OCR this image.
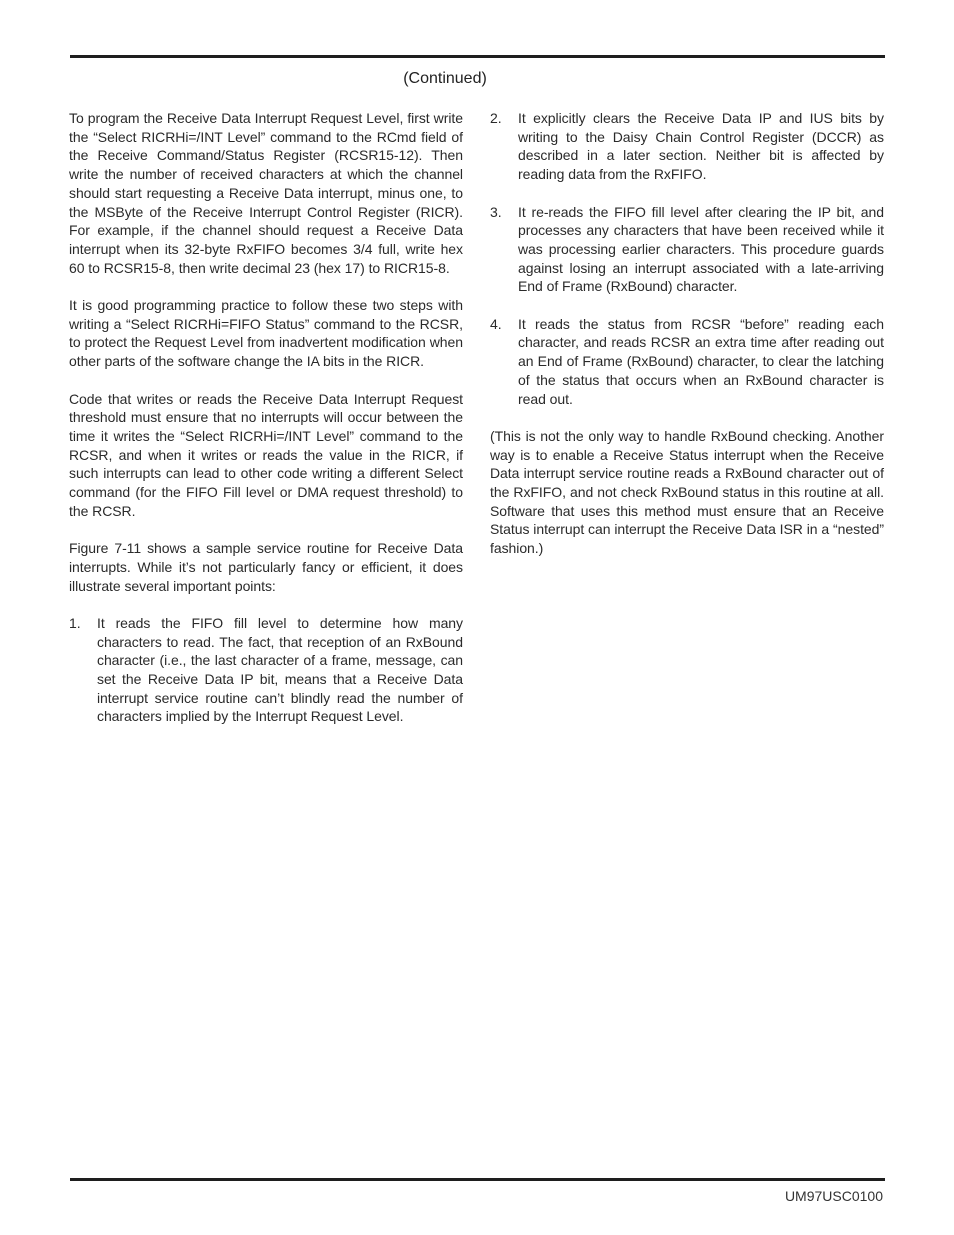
(Continued)

To program the Receive Data Interrupt Request Level, first write the “Select RICRHi=/INT Level” command to the RCmd field of the Receive Command/Status Register (RCSR15-12). Then write the number of received characters at which the channel should start requesting a Receive Data interrupt, minus one, to the MSByte of the Receive Interrupt Control Register (RICR). For example, if the channel should request a Receive Data interrupt when its 32-byte RxFIFO becomes 3/4 full, write hex 60 to RCSR15-8, then write decimal 23 (hex 17) to RICR15-8.

It is good programming practice to follow these two steps with writing a “Select RICRHi=FIFO Status” command to the RCSR, to protect the Request Level from inadvertent modification when other parts of the software change the IA bits in the RICR.

Code that writes or reads the Receive Data Interrupt Request threshold must ensure that no interrupts will occur between the time it writes the “Select RICRHi=/INT Level” command to the RCSR, and when it writes or reads the value in the RICR, if such interrupts can lead to other code writing a different Select command (for the FIFO Fill level or DMA request threshold) to the RCSR.

Figure 7-11 shows a sample service routine for Receive Data interrupts. While it’s not particularly fancy or efficient, it does illustrate several important points:

1. It reads the FIFO fill level to determine how many characters to read. The fact, that reception of an RxBound character (i.e., the last character of a frame, message, can set the Receive Data IP bit, means that a Receive Data interrupt service routine can’t blindly read the number of characters implied by the Interrupt Request Level.
2. It explicitly clears the Receive Data IP and IUS bits by writing to the Daisy Chain Control Register (DCCR) as described in a later section. Neither bit is affected by reading data from the RxFIFO.
3. It re-reads the FIFO fill level after clearing the IP bit, and processes any characters that have been received while it was processing earlier characters. This procedure guards against losing an interrupt associated with a late-arriving End of Frame (RxBound) character.
4. It reads the status from RCSR “before” reading each character, and reads RCSR an extra time after reading out an End of Frame (RxBound) character, to clear the latching of the status that occurs when an RxBound character is read out.

(This is not the only way to handle RxBound checking. Another way is to enable a Receive Status interrupt when the Receive Data interrupt service routine reads a RxBound character out of the RxFIFO, and not check RxBound status in this routine at all. Software that uses this method must ensure that an Receive Status interrupt can interrupt the Receive Data ISR in a “nested” fashion.)

UM97USC0100
